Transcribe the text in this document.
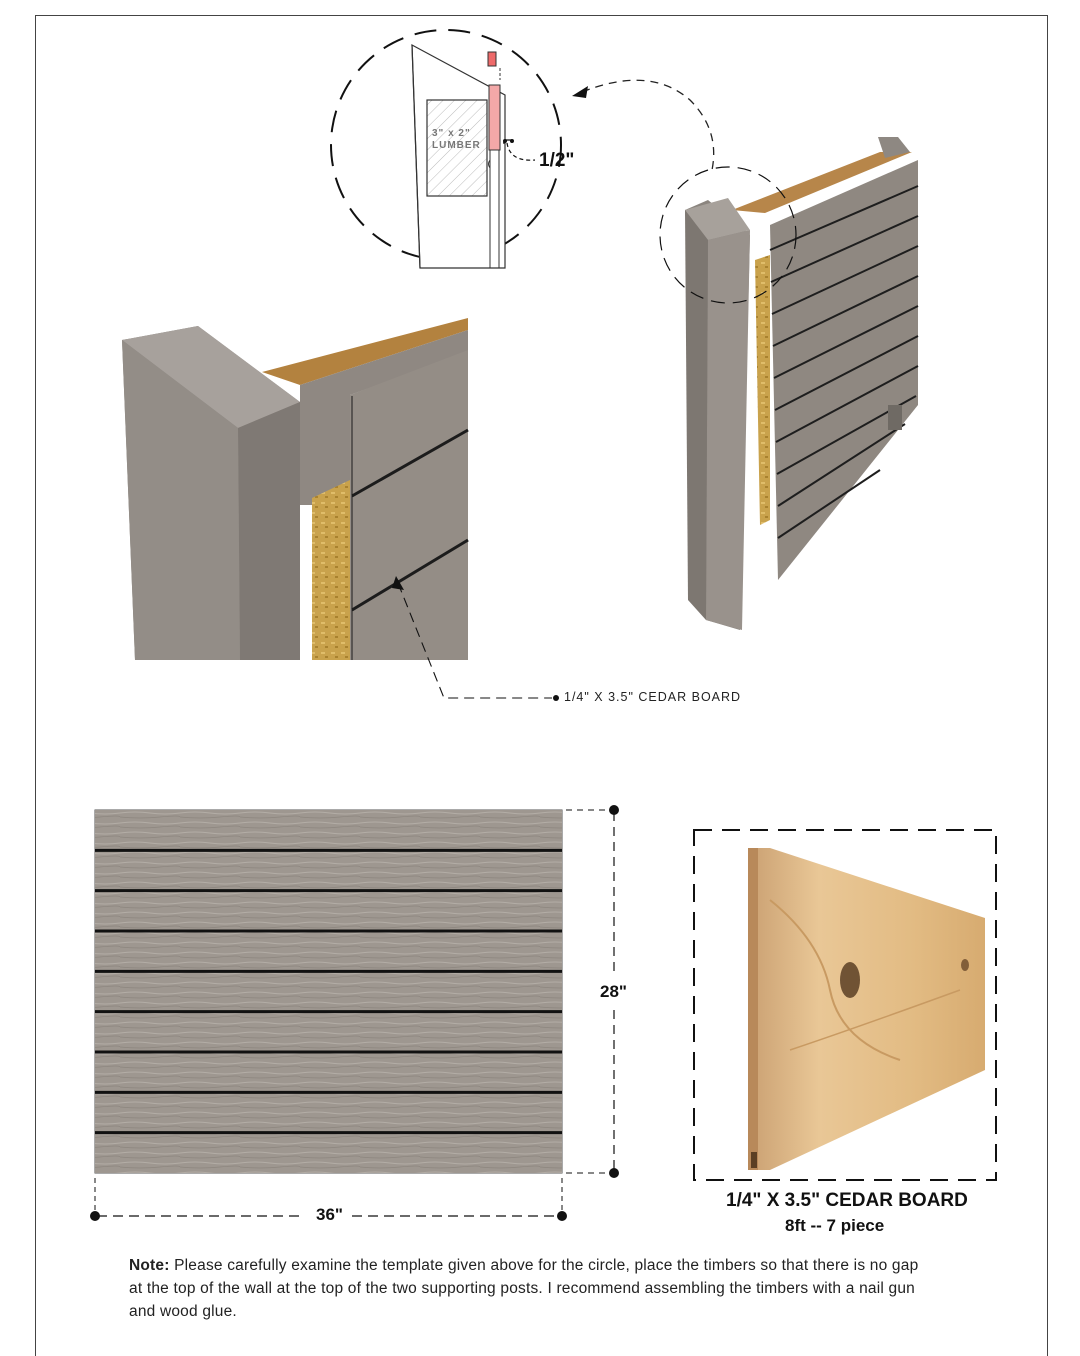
3" x 2"
LUMBER
1/2"
1/4" X 3.5" CEDAR BOARD
28"
36"
1/4" X 3.5" CEDAR BOARD
8ft -- 7 piece
Note: Please carefully examine the template given above for the circle, place the timbers so that there is no gap at the top of the wall at the top of the two supporting posts. I recommend assembling the timbers with a nail gun and wood glue.
